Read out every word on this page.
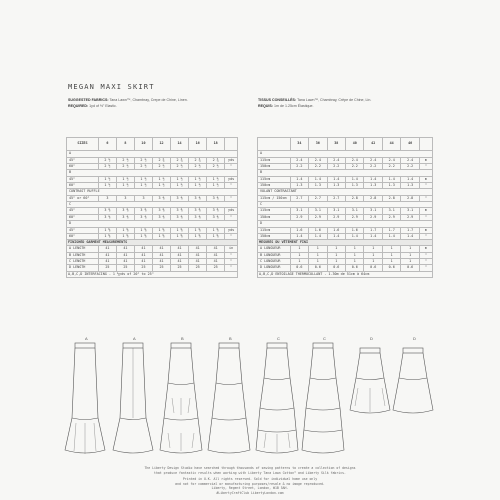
MEGAN MAXI SKIRT
SUGGESTED FABRICS: Tana Lawn™, Chambray, Crepe de Chine, Linen.
REQUIRED: 1yd of ½" Elastic.
TISSUS CONSEILLÉS: Tana Lawn™, Chambray, Crêpe de Chine, Lin.
REQUIS: 1m de 1.25cm Élastique.
SIZES	6	8	10	12	14	16	18	
A								
45"	2 ½	2 ½	2 ½	2 ¾	2 ¾	2 ¾	2 ¾	yds
60"	2 ½	2 ½	2 ½	2 ½	2 ½	2 ½	2 ½	"
B								
45"	1 ½	1 ½	1 ½	1 ½	1 ½	1 ½	1 ½	yds
60"	1 ½	1 ½	1 ½	1 ½	1 ½	1 ½	1 ½	"
CONTRAST RUFFLE								
45" or 60"	3	3	3	3 ⅛	3 ⅛	3 ⅛	3 ⅛	"
C								
45"	3 ⅜	3 ⅜	3 ⅜	3 ⅜	3 ⅜	3 ⅜	3 ⅜	yds
60"	3 ⅛	3 ⅛	3 ⅛	3 ⅛	3 ⅛	3 ⅛	3 ⅛	"
D								
45"	1 ⅝	1 ⅝	1 ⅝	1 ⅝	1 ⅝	1 ⅝	1 ⅝	yds
60"	1 ⅝	1 ⅝	1 ⅝	1 ⅝	1 ⅝	1 ⅝	1 ⅝	"
FINISHED GARMENT MEASUREMENTS								
A LENGTH	41	41	41	41	41	41	41	in
B LENGTH	41	41	41	41	41	41	41	"
C LENGTH	41	41	41	41	41	41	41	"
D LENGTH	25	25	25	25	25	25	25	"
A,B,C,D INTERFACING - 1 ½yds of 20" to 25"								
	34	36	38	40	42	44	46	
A								
115cm	2.4	2.4	2.4	2.4	2.4	2.4	2.4	m
150cm	2.2	2.2	2.2	2.2	2.2	2.2	2.2	"
B								
115cm	1.4	1.4	1.4	1.4	1.4	1.4	1.4	m
150cm	1.3	1.3	1.3	1.3	1.3	1.3	1.3	"
VOLANT CONTRASTANT								
115cm / 150cm	2.7	2.7	2.7	2.8	2.8	2.8	2.8	"
C								
115cm	3.1	3.1	3.1	3.1	3.1	3.1	3.1	m
150cm	2.9	2.9	2.9	2.9	2.9	2.9	2.9	"
D								
115cm	1.6	1.6	1.6	1.6	1.7	1.7	1.7	m
150cm	1.4	1.4	1.4	1.4	1.4	1.4	1.4	"
MESURES DU VÊTEMENT FINI								
A LONGUEUR	1	1	1	1	1	1	1	m
B LONGUEUR	1	1	1	1	1	1	1	"
C LONGUEUR	1	1	1	1	1	1	1	"
D LONGUEUR	0.6	0.6	0.6	0.6	0.6	0.6	0.6	"
A,B,C,D ENTOILAGE THERMOCOLLANT - 1.30m de 51cm à 64cm								
A	A	B	B	C	C	D	D
The Liberty Design Studio have searched through thousands of sewing patterns to create a collection of designs
that produce fantastic results when working with Liberty Tana Lawn Cotton™ and Liberty Silk fabrics.
Printed in U.K. All rights reserved. Sold for individual home use only
and not for commercial or manufacturing purposes/resale & no image reproduced.
Liberty, Regent Street, London, W1B 5AH.
#LibertyCraftClub LibertyLondon.com
